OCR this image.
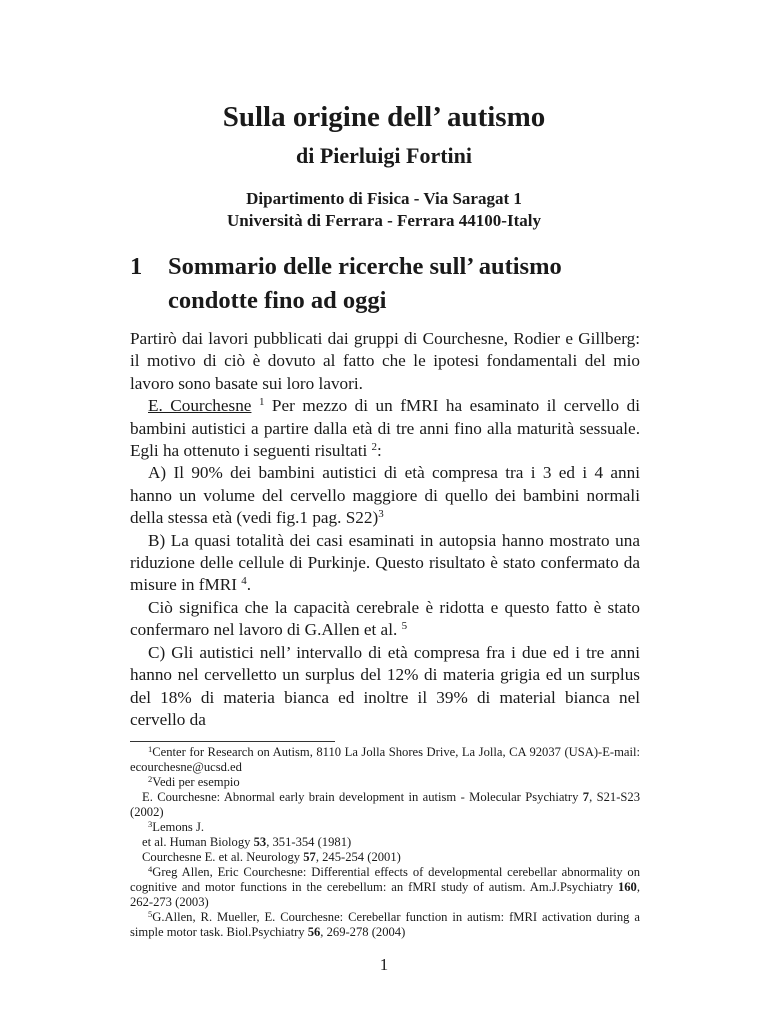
Sulla origine dell’ autismo
di Pierluigi Fortini
Dipartimento di Fisica - Via Saragat 1
Università di Ferrara - Ferrara 44100-Italy
1 Sommario delle ricerche sull’ autismo condotte fino ad oggi

Partirò dai lavori pubblicati dai gruppi di Courchesne, Rodier e Gillberg: il motivo di ciò è dovuto al fatto che le ipotesi fondamentali del mio lavoro sono basate sui loro lavori.

E. Courchesne $^1$ Per mezzo di un fMRI ha esaminato il cervello di bambini autistici a partire dalla età di tre anni fino alla maturità sessuale. Egli ha ottenuto i seguenti risultati $^2$:

A) Il 90% dei bambini autistici di età compresa tra i 3 ed i 4 anni hanno un volume del cervello maggiore di quello dei bambini normali della stessa età (vedi fig.1 pag. S22)$^3$

B) La quasi totalità dei casi esaminati in autopsia hanno mostrato una riduzione delle cellule di Purkinje. Questo risultato è stato confermato da misure in fMRI $^4$.

Ciò significa che la capacità cerebrale è ridotta e questo fatto è stato confermaro nel lavoro di G.Allen et al. $^5$

C) Gli autistici nell’ intervallo di età compresa fra i due ed i tre anni hanno nel cervelletto un surplus del 12% di materia grigia ed un surplus del 18% di materia bianca ed inoltre il 39% di material bianca nel cervello da

$^1$Center for Research on Autism, 8110 La Jolla Shores Drive, La Jolla, CA 92037 (USA)-E-mail: ecourchesne@ucsd.ed

$^2$Vedi per esempio

E. Courchesne: Abnormal early brain development in autism - Molecular Psychiatry 7, S21-S23 (2002)

$^3$Lemons J.

et al. Human Biology 53, 351-354 (1981)

Courchesne E. et al. Neurology 57, 245-254 (2001)

$^4$Greg Allen, Eric Courchesne: Differential effects of developmental cerebellar abnormality on cognitive and motor functions in the cerebellum: an fMRI study of autism. Am.J.Psychiatry 160, 262-273 (2003)

$^5$G.Allen, R. Mueller, E. Courchesne: Cerebellar function in autism: fMRI activation during a simple motor task. Biol.Psychiatry 56, 269-278 (2004)

1
